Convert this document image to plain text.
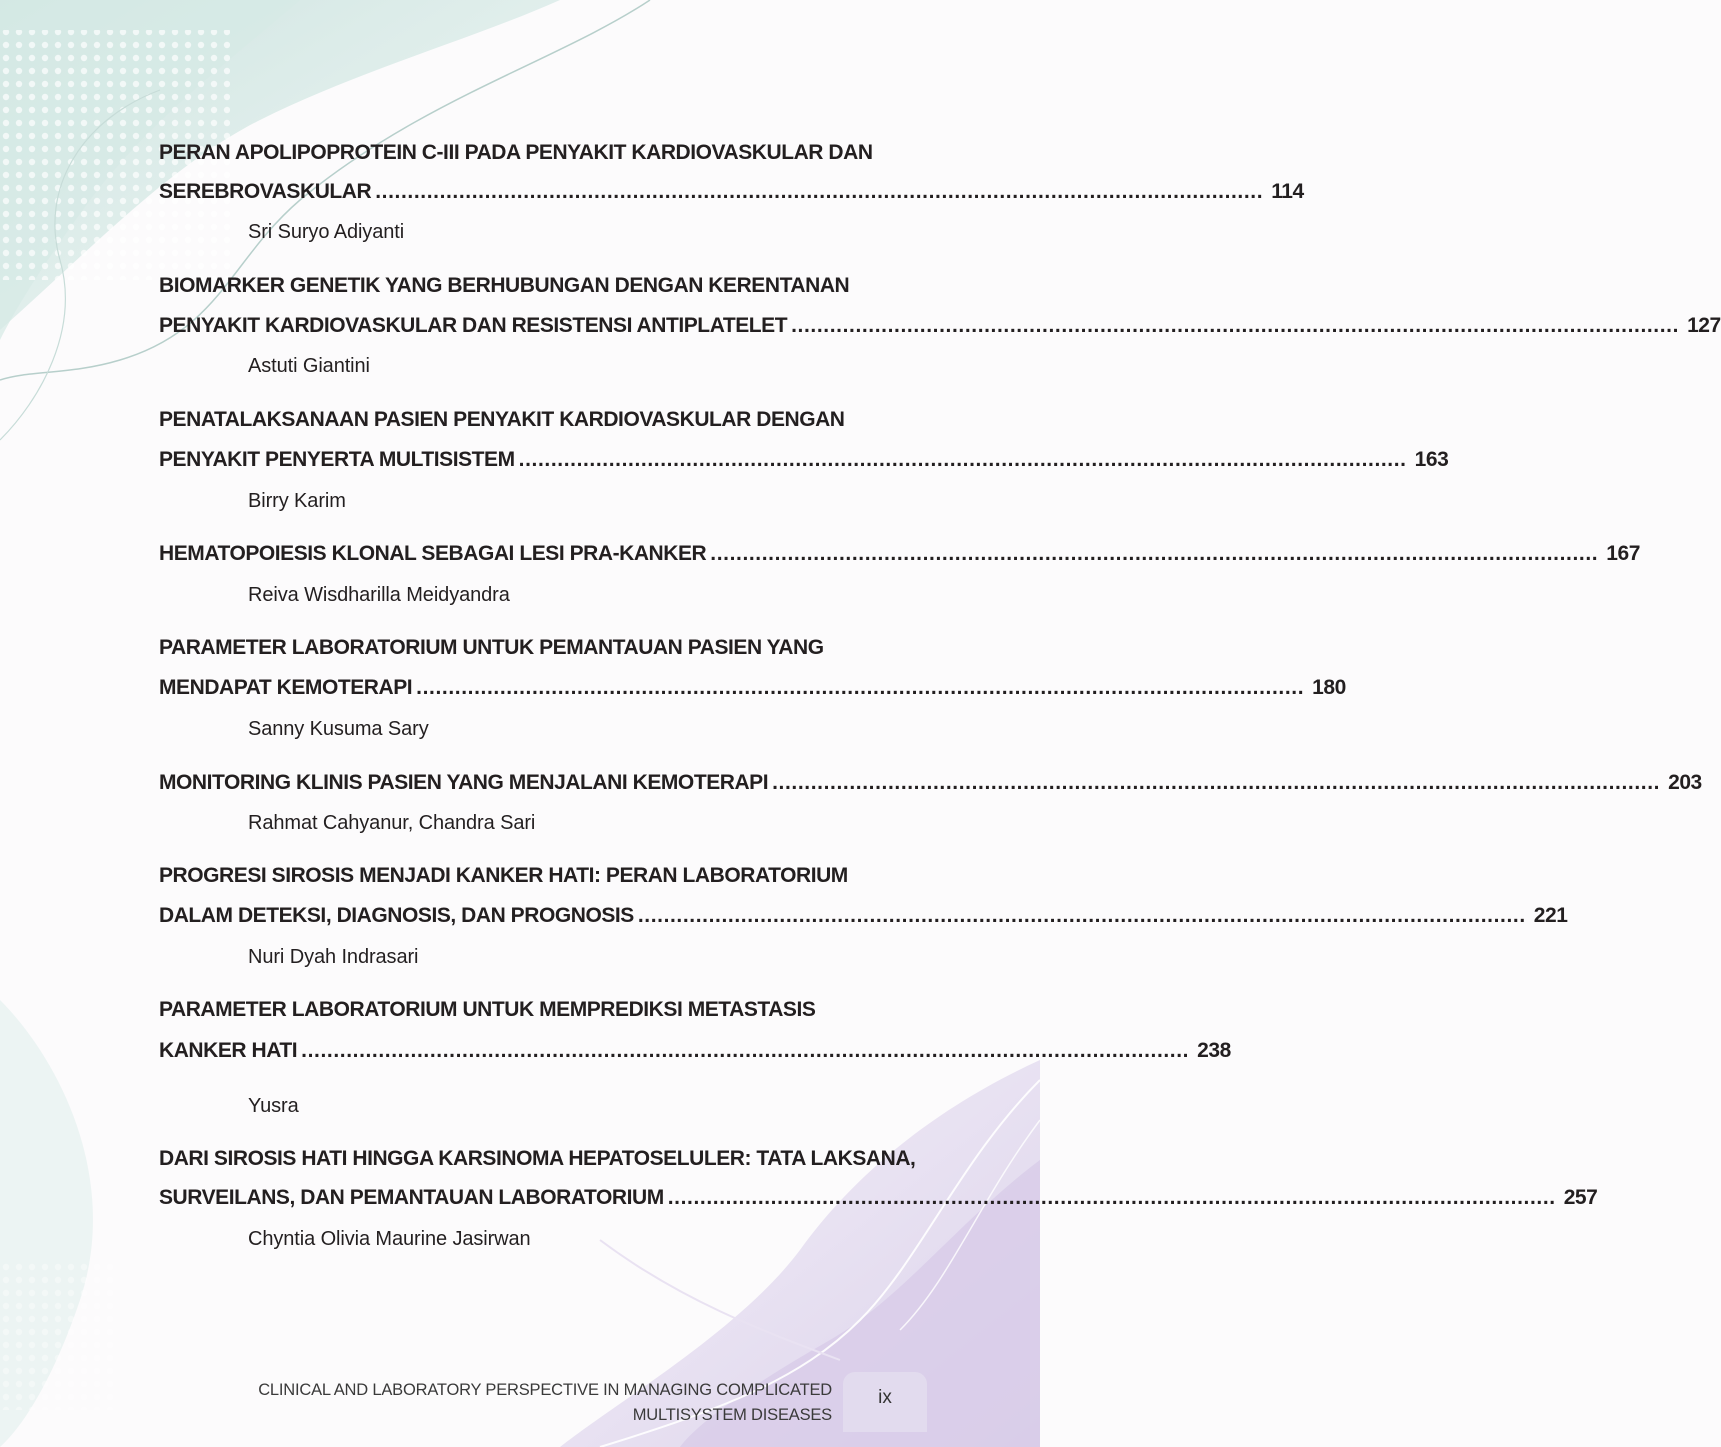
PERAN APOLIPOPROTEIN C-III PADA PENYAKIT KARDIOVASKULAR DAN
SEREBROVASKULAR .......................................................................................................................................... 114
Sri Suryo Adiyanti
BIOMARKER GENETIK YANG BERHUBUNGAN DENGAN KERENTANAN
PENYAKIT KARDIOVASKULAR DAN RESISTENSI ANTIPLATELET .......................................................................................................................................... 127
Astuti Giantini
PENATALAKSANAAN PASIEN PENYAKIT KARDIOVASKULAR DENGAN
PENYAKIT PENYERTA MULTISISTEM .......................................................................................................................................... 163
Birry Karim
HEMATOPOIESIS KLONAL SEBAGAI LESI PRA-KANKER .......................................................................................................................................... 167
Reiva Wisdharilla Meidyandra
PARAMETER LABORATORIUM UNTUK PEMANTAUAN PASIEN YANG
MENDAPAT KEMOTERAPI .......................................................................................................................................... 180
Sanny Kusuma Sary
MONITORING KLINIS PASIEN YANG MENJALANI KEMOTERAPI .......................................................................................................................................... 203
Rahmat Cahyanur, Chandra Sari
PROGRESI SIROSIS MENJADI KANKER HATI: PERAN LABORATORIUM
DALAM DETEKSI, DIAGNOSIS, DAN PROGNOSIS .......................................................................................................................................... 221
Nuri Dyah Indrasari
PARAMETER LABORATORIUM UNTUK MEMPREDIKSI METASTASIS
KANKER HATI .......................................................................................................................................... 238
Yusra
DARI SIROSIS HATI HINGGA KARSINOMA HEPATOSELULER: TATA LAKSANA,
SURVEILANS, DAN PEMANTAUAN LABORATORIUM .......................................................................................................................................... 257
Chyntia Olivia Maurine Jasirwan
CLINICAL AND LABORATORY PERSPECTIVE IN MANAGING COMPLICATED
MULTISYSTEM DISEASES
ix
